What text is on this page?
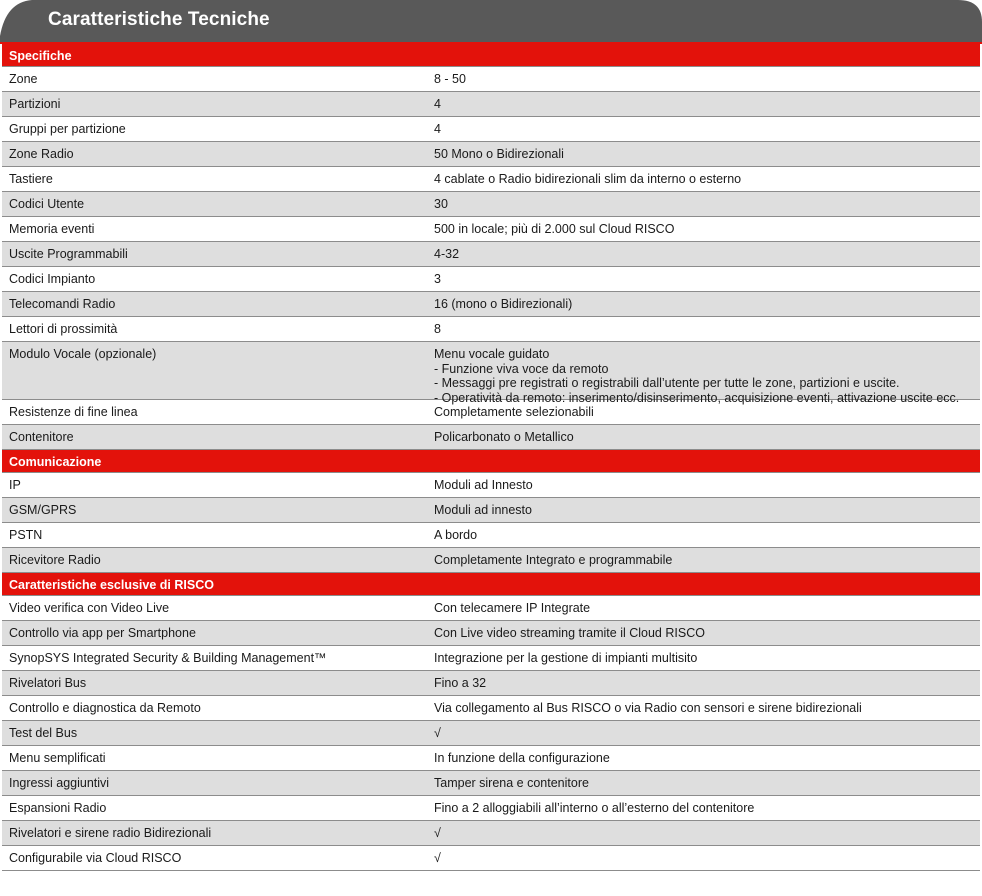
Caratteristiche Tecniche
Specifiche
Zone	8 - 50
Partizioni	4
Gruppi per partizione	4
Zone Radio	50 Mono o Bidirezionali
Tastiere	4 cablate o Radio bidirezionali slim da interno o esterno
Codici Utente	30
Memoria eventi	500 in locale; più di 2.000 sul Cloud RISCO
Uscite Programmabili	4-32
Codici Impianto	3
Telecomandi Radio	16 (mono o Bidirezionali)
Lettori di prossimità	8
Modulo Vocale (opzionale)	Menu vocale guidato
- Funzione viva voce da remoto
- Messaggi pre registrati o registrabili dall’utente per tutte le zone, partizioni e uscite.
- Operatività da remoto: inserimento/disinserimento, acquisizione eventi, attivazione uscite ecc.
Resistenze di fine linea	Completamente selezionabili
Contenitore	Policarbonato o Metallico
Comunicazione
IP	Moduli ad Innesto
GSM/GPRS	Moduli ad innesto
PSTN	A bordo
Ricevitore Radio	Completamente Integrato e programmabile
Caratteristiche esclusive di RISCO
Video verifica con Video Live	Con telecamere IP Integrate
Controllo via app per Smartphone	Con Live video streaming tramite il Cloud RISCO
SynopSYS Integrated Security & Building Management™	Integrazione per la gestione di impianti multisito
Rivelatori Bus	Fino a 32
Controllo e diagnostica da Remoto	Via collegamento al Bus RISCO o via Radio con sensori e sirene bidirezionali
Test del Bus	√
Menu semplificati	In funzione della configurazione
Ingressi aggiuntivi	Tamper sirena e contenitore
Espansioni Radio	Fino a 2 alloggiabili all’interno o all’esterno del contenitore
Rivelatori e sirene radio Bidirezionali	√
Configurabile via Cloud RISCO	√
